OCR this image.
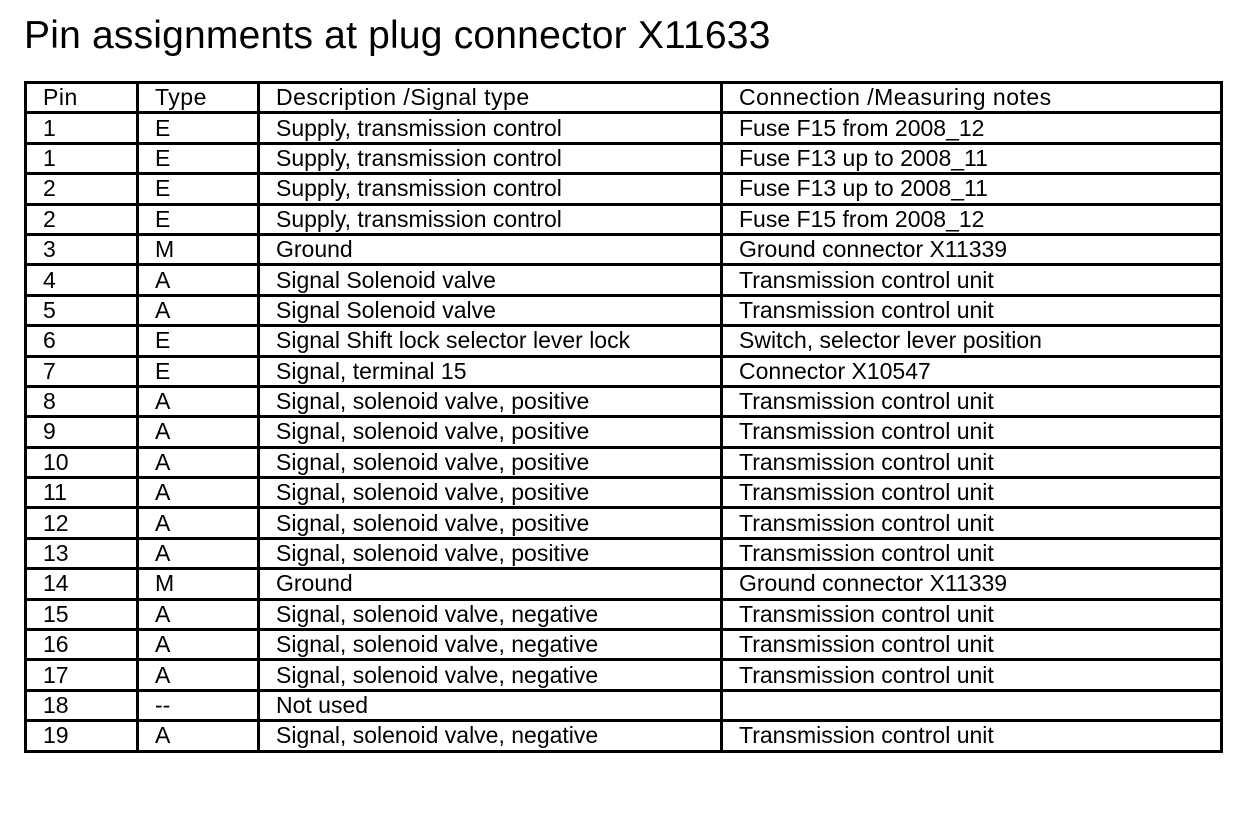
Pin assignments at plug connector X11633
Pin	Type	Description /Signal type	Connection /Measuring notes
1	E	Supply, transmission control	Fuse F15 from 2008_12
1	E	Supply, transmission control	Fuse F13 up to 2008_11
2	E	Supply, transmission control	Fuse F13 up to 2008_11
2	E	Supply, transmission control	Fuse F15 from 2008_12
3	M	Ground	Ground connector X11339
4	A	Signal Solenoid valve	Transmission control unit
5	A	Signal Solenoid valve	Transmission control unit
6	E	Signal Shift lock selector lever lock	Switch, selector lever position
7	E	Signal, terminal 15	Connector X10547
8	A	Signal, solenoid valve, positive	Transmission control unit
9	A	Signal, solenoid valve, positive	Transmission control unit
10	A	Signal, solenoid valve, positive	Transmission control unit
11	A	Signal, solenoid valve, positive	Transmission control unit
12	A	Signal, solenoid valve, positive	Transmission control unit
13	A	Signal, solenoid valve, positive	Transmission control unit
14	M	Ground	Ground connector X11339
15	A	Signal, solenoid valve, negative	Transmission control unit
16	A	Signal, solenoid valve, negative	Transmission control unit
17	A	Signal, solenoid valve, negative	Transmission control unit
18	--	Not used	
19	A	Signal, solenoid valve, negative	Transmission control unit
